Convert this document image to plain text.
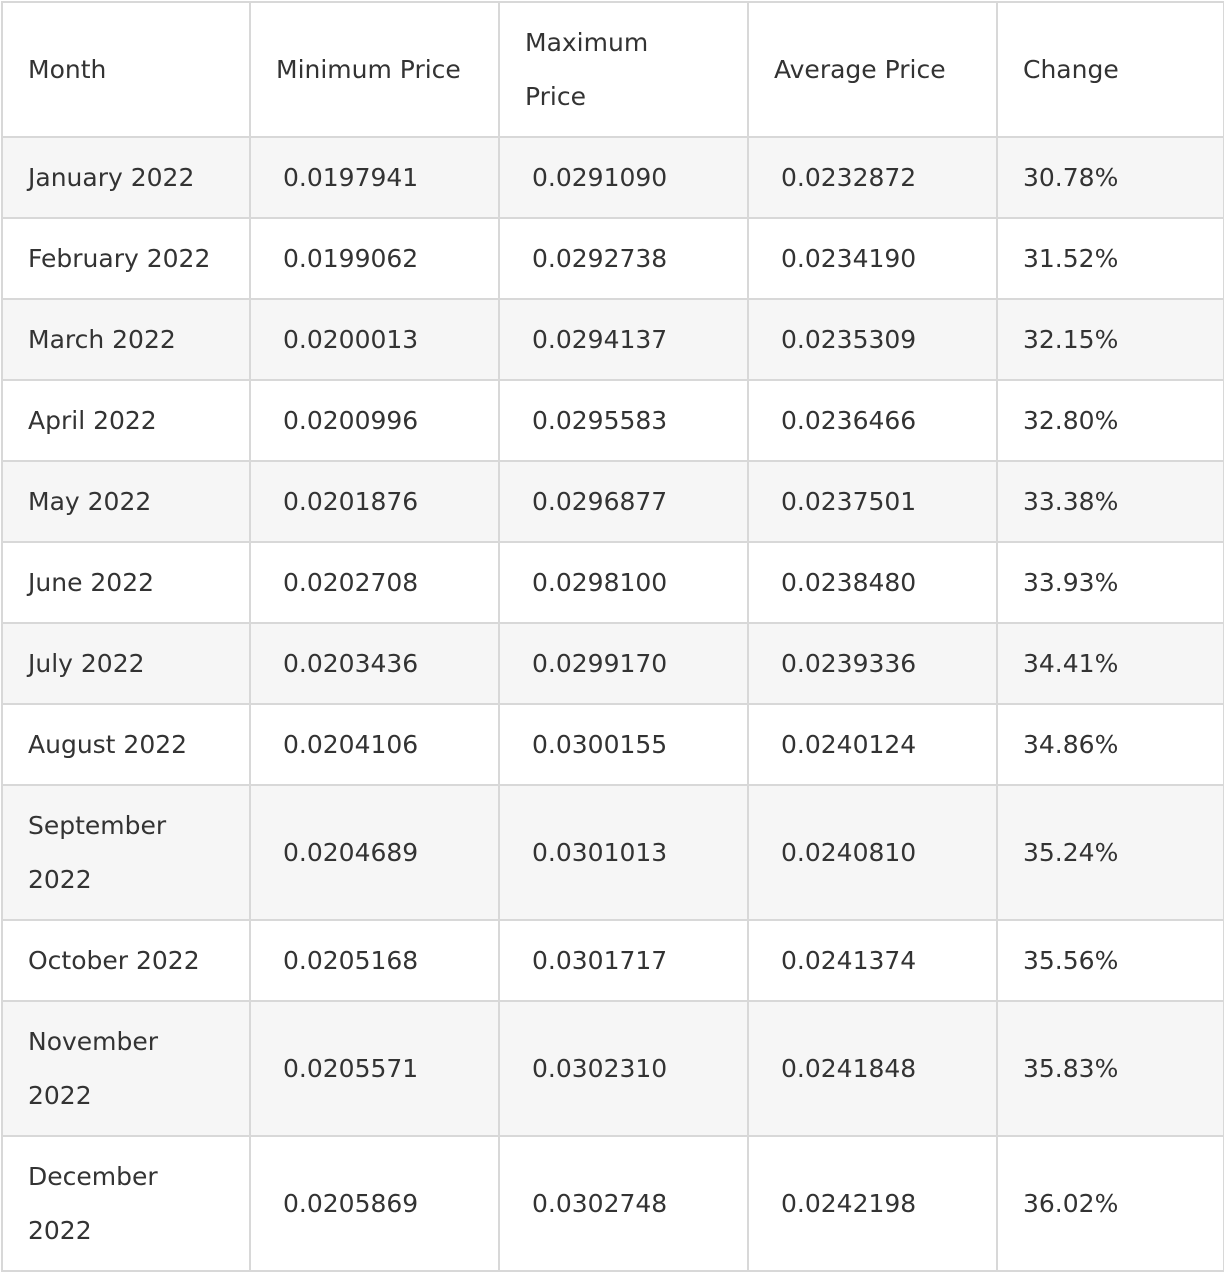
Month	Minimum Price	Maximum Price	Average Price	Change
January 2022	0.0197941	0.0291090	0.0232872	30.78%
February 2022	0.0199062	0.0292738	0.0234190	31.52%
March 2022	0.0200013	0.0294137	0.0235309	32.15%
April 2022	0.0200996	0.0295583	0.0236466	32.80%
May 2022	0.0201876	0.0296877	0.0237501	33.38%
June 2022	0.0202708	0.0298100	0.0238480	33.93%
July 2022	0.0203436	0.0299170	0.0239336	34.41%
August 2022	0.0204106	0.0300155	0.0240124	34.86%
September 2022	0.0204689	0.0301013	0.0240810	35.24%
October 2022	0.0205168	0.0301717	0.0241374	35.56%
November 2022	0.0205571	0.0302310	0.0241848	35.83%
December 2022	0.0205869	0.0302748	0.0242198	36.02%
